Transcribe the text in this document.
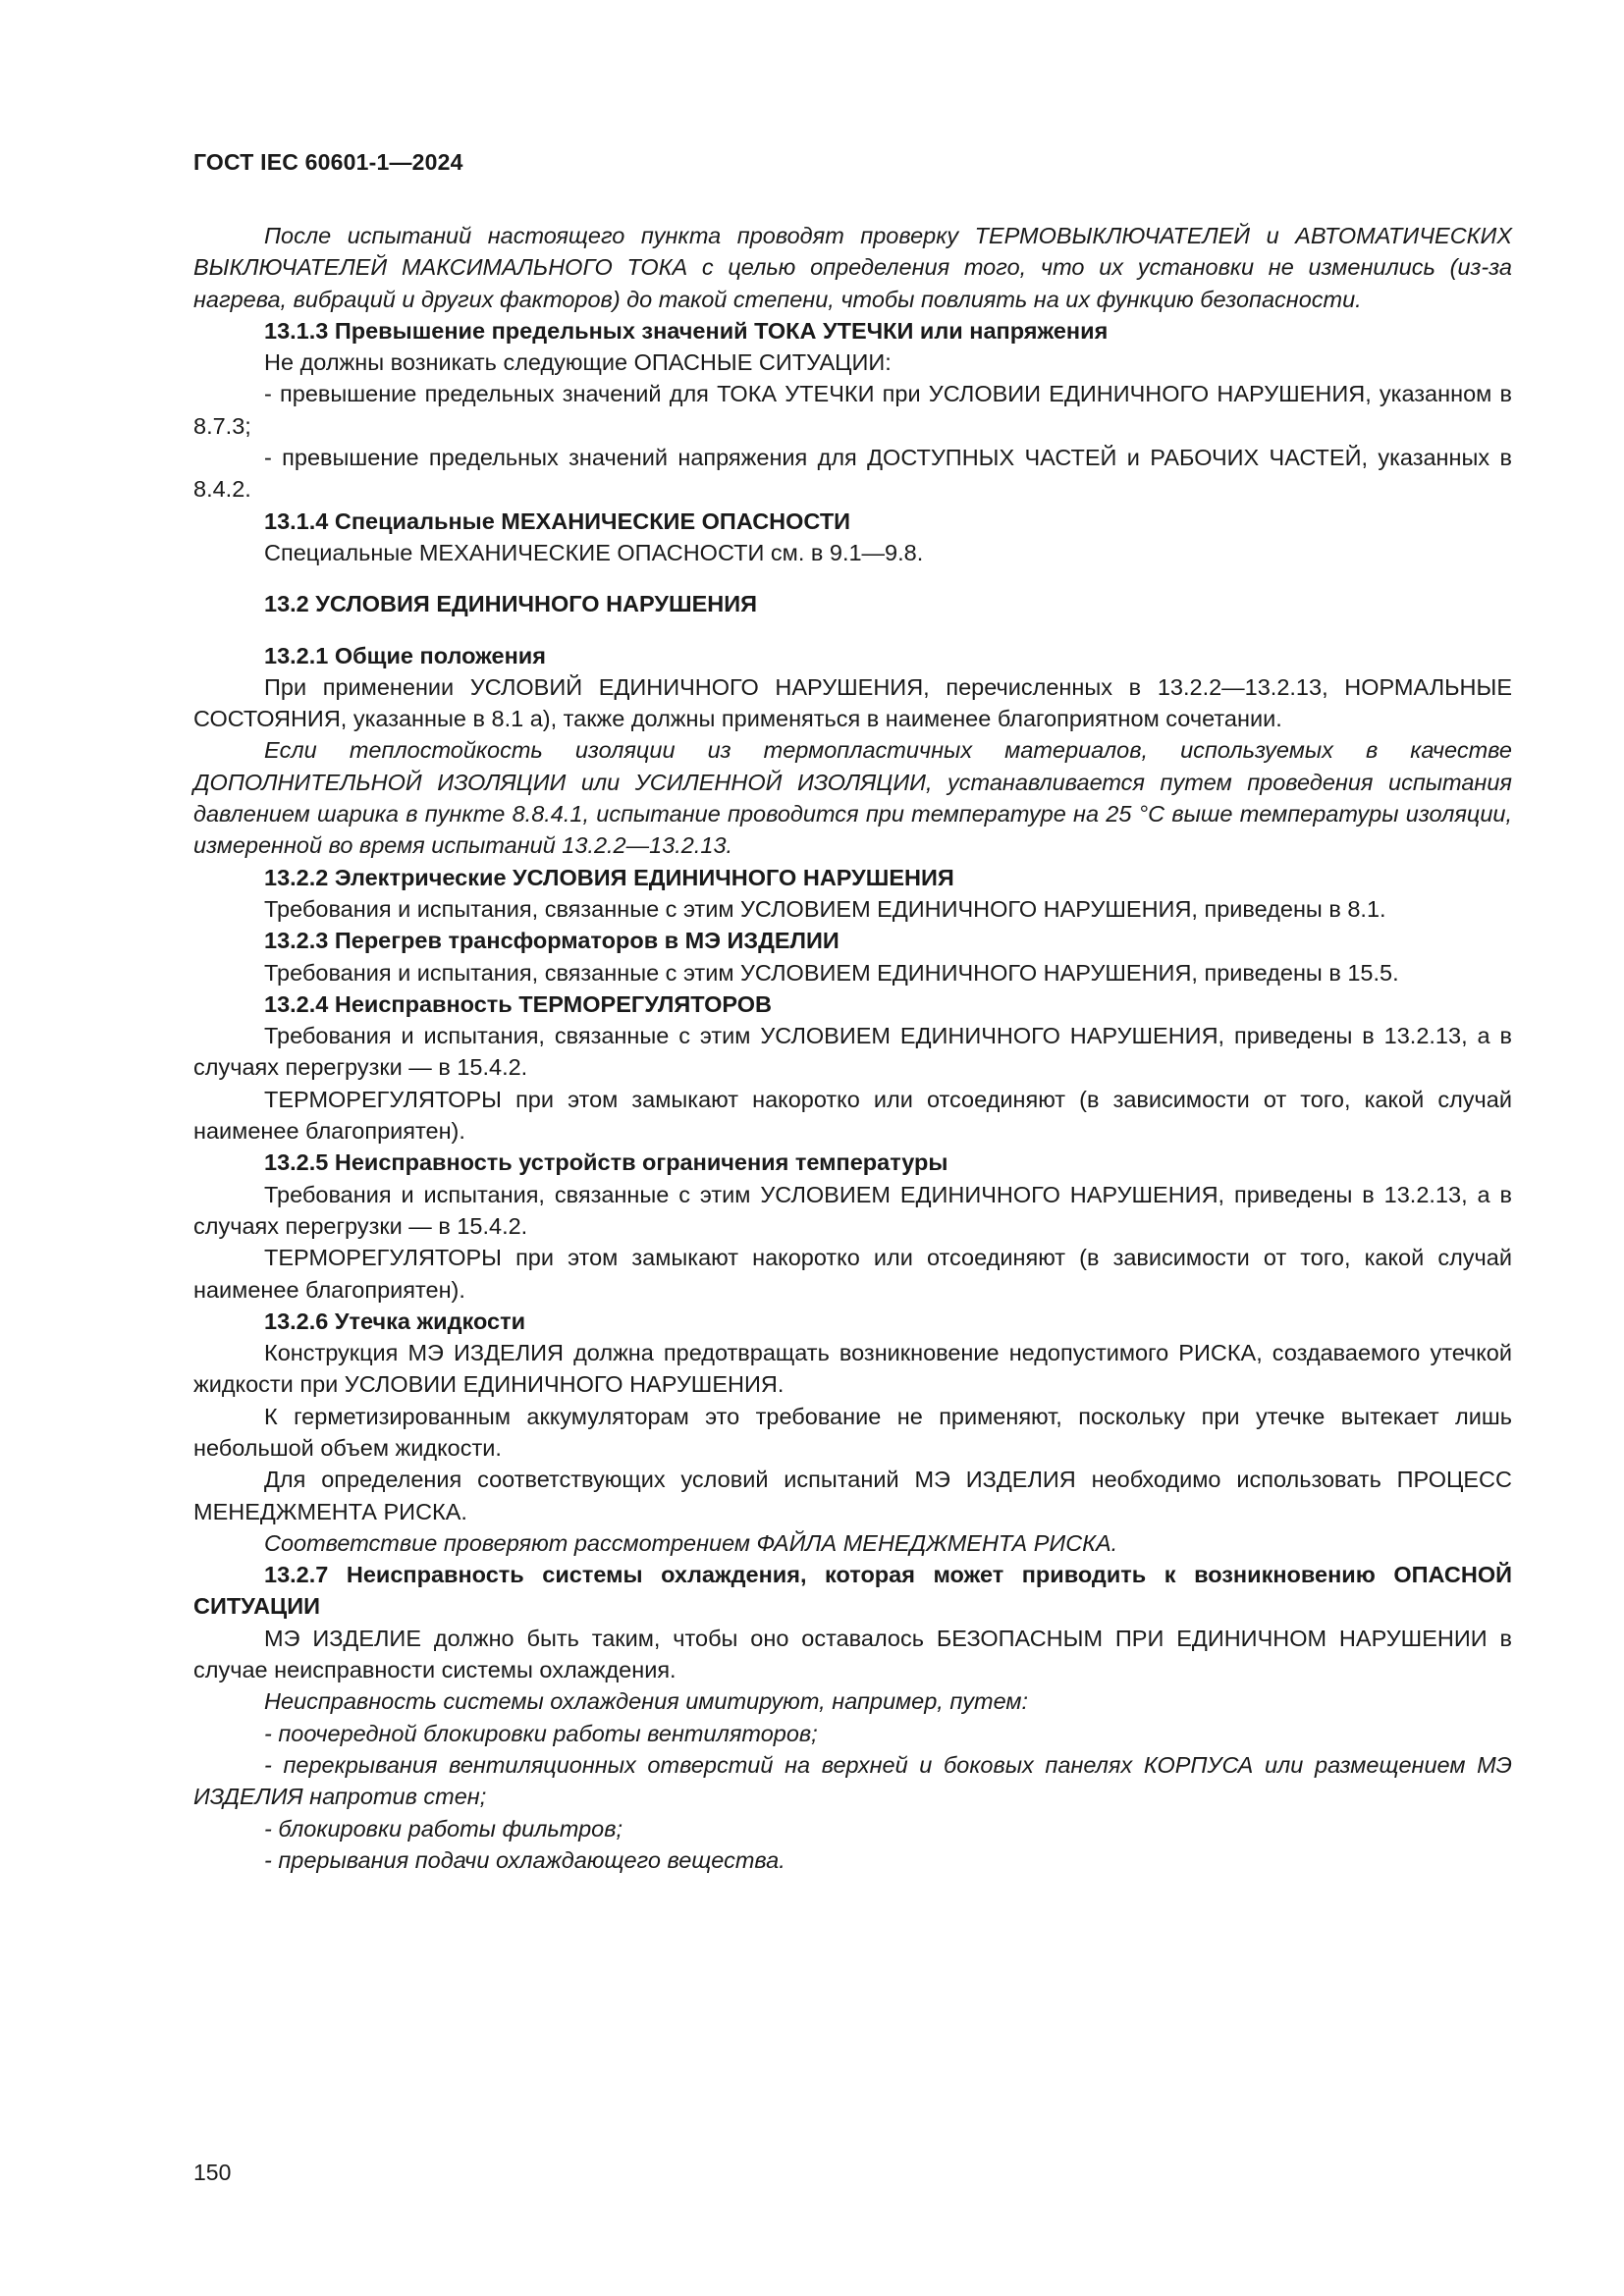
ГОСТ IEC 60601-1—2024

После испытаний настоящего пункта проводят проверку ТЕРМОВЫКЛЮЧАТЕЛЕЙ и АВТОМАТИЧЕСКИХ ВЫКЛЮЧАТЕЛЕЙ МАКСИМАЛЬНОГО ТОКА с целью определения того, что их установки не изменились (из-за нагрева, вибраций и других факторов) до такой степени, чтобы повлиять на их функцию безопасности.

13.1.3 Превышение предельных значений ТОКА УТЕЧКИ или напряжения

Не должны возникать следующие ОПАСНЫЕ СИТУАЦИИ:

- превышение предельных значений для ТОКА УТЕЧКИ при УСЛОВИИ ЕДИНИЧНОГО НАРУШЕНИЯ, указанном в 8.7.3;

- превышение предельных значений напряжения для ДОСТУПНЫХ ЧАСТЕЙ и РАБОЧИХ ЧАСТЕЙ, указанных в 8.4.2.

13.1.4 Специальные МЕХАНИЧЕСКИЕ ОПАСНОСТИ

Специальные МЕХАНИЧЕСКИЕ ОПАСНОСТИ см. в 9.1—9.8.

13.2 УСЛОВИЯ ЕДИНИЧНОГО НАРУШЕНИЯ

13.2.1 Общие положения

При применении УСЛОВИЙ ЕДИНИЧНОГО НАРУШЕНИЯ, перечисленных в 13.2.2—13.2.13, НОРМАЛЬНЫЕ СОСТОЯНИЯ, указанные в 8.1 а), также должны применяться в наименее благоприятном сочетании.

Если теплостойкость изоляции из термопластичных материалов, используемых в качестве ДОПОЛНИТЕЛЬНОЙ ИЗОЛЯЦИИ или УСИЛЕННОЙ ИЗОЛЯЦИИ, устанавливается путем проведения испытания давлением шарика в пункте 8.8.4.1, испытание проводится при температуре на 25 °С выше температуры изоляции, измеренной во время испытаний 13.2.2—13.2.13.

13.2.2 Электрические УСЛОВИЯ ЕДИНИЧНОГО НАРУШЕНИЯ

Требования и испытания, связанные с этим УСЛОВИЕМ ЕДИНИЧНОГО НАРУШЕНИЯ, приведены в 8.1.

13.2.3 Перегрев трансформаторов в МЭ ИЗДЕЛИИ

Требования и испытания, связанные с этим УСЛОВИЕМ ЕДИНИЧНОГО НАРУШЕНИЯ, приведены в 15.5.

13.2.4 Неисправность ТЕРМОРЕГУЛЯТОРОВ

Требования и испытания, связанные с этим УСЛОВИЕМ ЕДИНИЧНОГО НАРУШЕНИЯ, приведены в 13.2.13, а в случаях перегрузки — в 15.4.2.

ТЕРМОРЕГУЛЯТОРЫ при этом замыкают накоротко или отсоединяют (в зависимости от того, какой случай наименее благоприятен).

13.2.5 Неисправность устройств ограничения температуры

Требования и испытания, связанные с этим УСЛОВИЕМ ЕДИНИЧНОГО НАРУШЕНИЯ, приведены в 13.2.13, а в случаях перегрузки — в 15.4.2.

ТЕРМОРЕГУЛЯТОРЫ при этом замыкают накоротко или отсоединяют (в зависимости от того, какой случай наименее благоприятен).

13.2.6 Утечка жидкости

Конструкция МЭ ИЗДЕЛИЯ должна предотвращать возникновение недопустимого РИСКА, создаваемого утечкой жидкости при УСЛОВИИ ЕДИНИЧНОГО НАРУШЕНИЯ.

К герметизированным аккумуляторам это требование не применяют, поскольку при утечке вытекает лишь небольшой объем жидкости.

Для определения соответствующих условий испытаний МЭ ИЗДЕЛИЯ необходимо использовать ПРОЦЕСС МЕНЕДЖМЕНТА РИСКА.

Соответствие проверяют рассмотрением ФАЙЛА МЕНЕДЖМЕНТА РИСКА.

13.2.7 Неисправность системы охлаждения, которая может приводить к возникновению ОПАСНОЙ СИТУАЦИИ

МЭ ИЗДЕЛИЕ должно быть таким, чтобы оно оставалось БЕЗОПАСНЫМ ПРИ ЕДИНИЧНОМ НАРУШЕНИИ в случае неисправности системы охлаждения.

Неисправность системы охлаждения имитируют, например, путем:

- поочередной блокировки работы вентиляторов;

- перекрывания вентиляционных отверстий на верхней и боковых панелях КОРПУСА или размещением МЭ ИЗДЕЛИЯ напротив стен;

- блокировки работы фильтров;

- прерывания подачи охлаждающего вещества.

150
